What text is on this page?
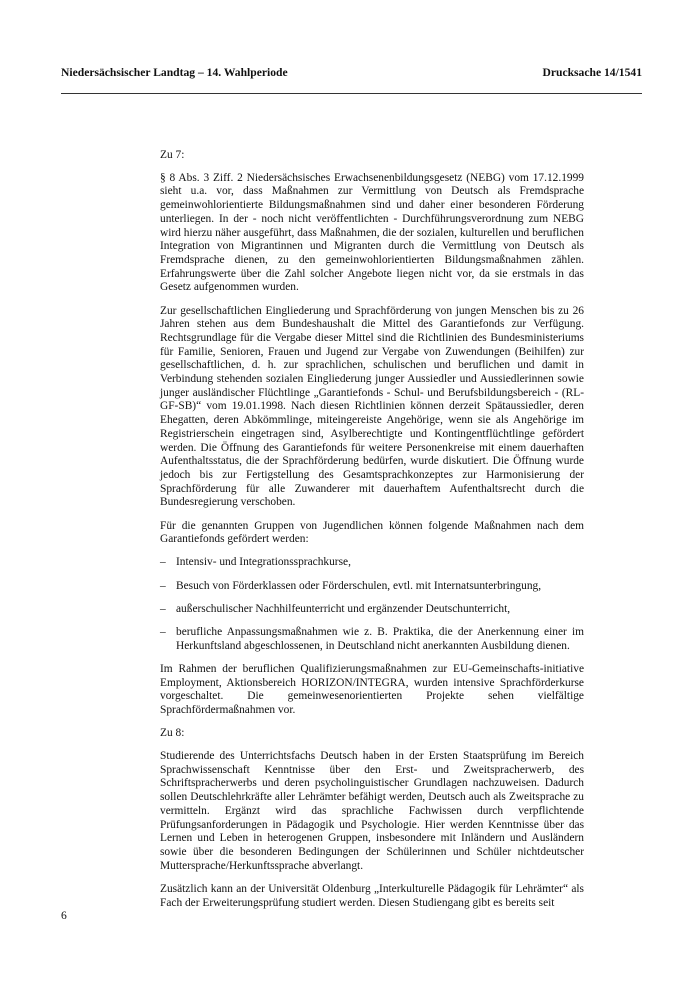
Niedersächsischer Landtag – 14. Wahlperiode	Drucksache 14/1541

Zu 7:

§ 8 Abs. 3 Ziff. 2 Niedersächsisches Erwachsenenbildungsgesetz (NEBG) vom 17.12.1999 sieht u.a. vor, dass Maßnahmen zur Vermittlung von Deutsch als Fremdsprache gemeinwohlorientierte Bildungsmaßnahmen sind und daher einer besonderen Förderung unterliegen. In der - noch nicht veröffentlichten - Durchführungsverordnung zum NEBG wird hierzu näher ausgeführt, dass Maßnahmen, die der sozialen, kulturellen und beruflichen Integration von Migrantinnen und Migranten durch die Vermittlung von Deutsch als Fremdsprache dienen, zu den gemeinwohlorientierten Bildungsmaßnahmen zählen. Erfahrungswerte über die Zahl solcher Angebote liegen nicht vor, da sie erstmals in das Gesetz aufgenommen wurden.

Zur gesellschaftlichen Eingliederung und Sprachförderung von jungen Menschen bis zu 26 Jahren stehen aus dem Bundeshaushalt die Mittel des Garantiefonds zur Verfügung. Rechtsgrundlage für die Vergabe dieser Mittel sind die Richtlinien des Bundesministeriums für Familie, Senioren, Frauen und Jugend zur Vergabe von Zuwendungen (Beihilfen) zur gesellschaftlichen, d. h. zur sprachlichen, schulischen und beruflichen und damit in Verbindung stehenden sozialen Eingliederung junger Aussiedler und Aussiedlerinnen sowie junger ausländischer Flüchtlinge „Garantiefonds - Schul- und Berufsbildungsbereich - (RL-GF-SB)“ vom 19.01.1998. Nach diesen Richtlinien können derzeit Spätaussiedler, deren Ehegatten, deren Abkömmlinge, miteingereiste Angehörige, wenn sie als Angehörige im Registrierschein eingetragen sind, Asylberechtigte und Kontingentflüchtlinge gefördert werden. Die Öffnung des Garantiefonds für weitere Personenkreise mit einem dauerhaften Aufenthaltsstatus, die der Sprachförderung bedürfen, wurde diskutiert. Die Öffnung wurde jedoch bis zur Fertigstellung des Gesamtsprachkonzeptes zur Harmonisierung der Sprachförderung für alle Zuwanderer mit dauerhaftem Aufenthaltsrecht durch die Bundesregierung verschoben.

Für die genannten Gruppen von Jugendlichen können folgende Maßnahmen nach dem Garantiefonds gefördert werden:

– Intensiv- und Integrationssprachkurse,
– Besuch von Förderklassen oder Förderschulen, evtl. mit Internatsunterbringung,
– außerschulischer Nachhilfeunterricht und ergänzender Deutschunterricht,
– berufliche Anpassungsmaßnahmen wie z. B. Praktika, die der Anerkennung einer im Herkunftsland abgeschlossenen, in Deutschland nicht anerkannten Ausbildung dienen.

Im Rahmen der beruflichen Qualifizierungsmaßnahmen zur EU-Gemeinschafts-initiative Employment, Aktionsbereich HORIZON/INTEGRA, wurden intensive Sprachförderkurse vorgeschaltet. Die gemeinwesenorientierten Projekte sehen vielfältige Sprachfördermaßnahmen vor.

Zu 8:

Studierende des Unterrichtsfachs Deutsch haben in der Ersten Staatsprüfung im Bereich Sprachwissenschaft Kenntnisse über den Erst- und Zweitspracherwerb, des Schriftspracherwerbs und deren psycholinguistischer Grundlagen nachzuweisen. Dadurch sollen Deutschlehrkräfte aller Lehrämter befähigt werden, Deutsch auch als Zweitsprache zu vermitteln. Ergänzt wird das sprachliche Fachwissen durch verpflichtende Prüfungsanforderungen in Pädagogik und Psychologie. Hier werden Kenntnisse über das Lernen und Leben in heterogenen Gruppen, insbesondere mit Inländern und Ausländern sowie über die besonderen Bedingungen der Schülerinnen und Schüler nichtdeutscher Muttersprache/Herkunftssprache abverlangt.

Zusätzlich kann an der Universität Oldenburg „Interkulturelle Pädagogik für Lehrämter“ als Fach der Erweiterungsprüfung studiert werden. Diesen Studiengang gibt es bereits seit

6
